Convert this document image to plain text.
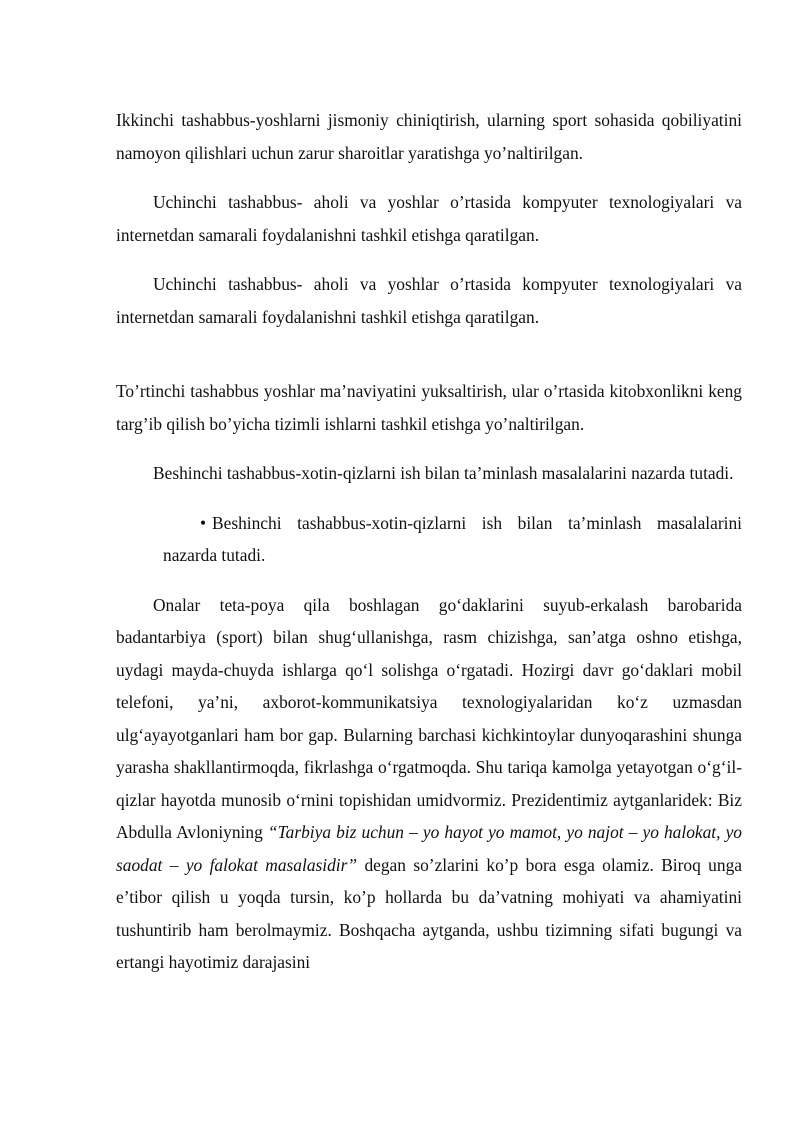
Ikkinchi tashabbus-yoshlarni jismoniy chiniqtirish, ularning sport sohasida qobiliyatini namoyon qilishlari uchun zarur sharoitlar yaratishga yo’naltirilgan.

Uchinchi tashabbus- aholi va yoshlar o’rtasida kompyuter texnologiyalari va internetdan samarali foydalanishni tashkil etishga qaratilgan.

Uchinchi tashabbus- aholi va yoshlar o’rtasida kompyuter texnologiyalari va internetdan samarali foydalanishni tashkil etishga qaratilgan.

To’rtinchi tashabbus yoshlar ma’naviyatini yuksaltirish, ular o’rtasida kitobxonlikni keng targ’ib qilish bo’yicha tizimli ishlarni tashkil etishga yo’naltirilgan.

Beshinchi tashabbus-xotin-qizlarni ish bilan ta’minlash masalalarini nazarda tutadi.

• Beshinchi tashabbus-xotin-qizlarni ish bilan ta’minlash masalalarini nazarda tutadi.

Onalar teta-poya qila boshlagan go‘daklarini suyub-erkalash barobarida badantarbiya (sport) bilan shug‘ullanishga, rasm chizishga, san’atga oshno etishga, uydagi mayda-chuyda ishlarga qo‘l solishga o‘rgatadi. Hozirgi davr go‘daklari mobil telefoni, ya’ni, axborot-kommunikatsiya texnologiyalaridan ko‘z uzmasdan ulg‘ayayotganlari ham bor gap. Bularning barchasi kichkintoylar dunyoqarashini shunga yarasha shakllantirmoqda, fikrlashga o‘rgatmoqda. Shu tariqa kamolga yetayotgan o‘g‘il-qizlar hayotda munosib o‘rnini topishidan umidvormiz. Prezidentimiz aytganlaridek: Biz Abdulla Avloniyning “Tarbiya biz uchun – yo hayot yo mamot, yo najot – yo halokat, yo saodat – yo falokat masalasidir” degan so’zlarini ko’p bora esga olamiz. Biroq unga e’tibor qilish u yoqda tursin, ko’p hollarda bu da’vatning mohiyati va ahamiyatini tushuntirib ham berolmaymiz. Boshqacha aytganda, ushbu tizimning sifati bugungi va ertangi hayotimiz darajasini
